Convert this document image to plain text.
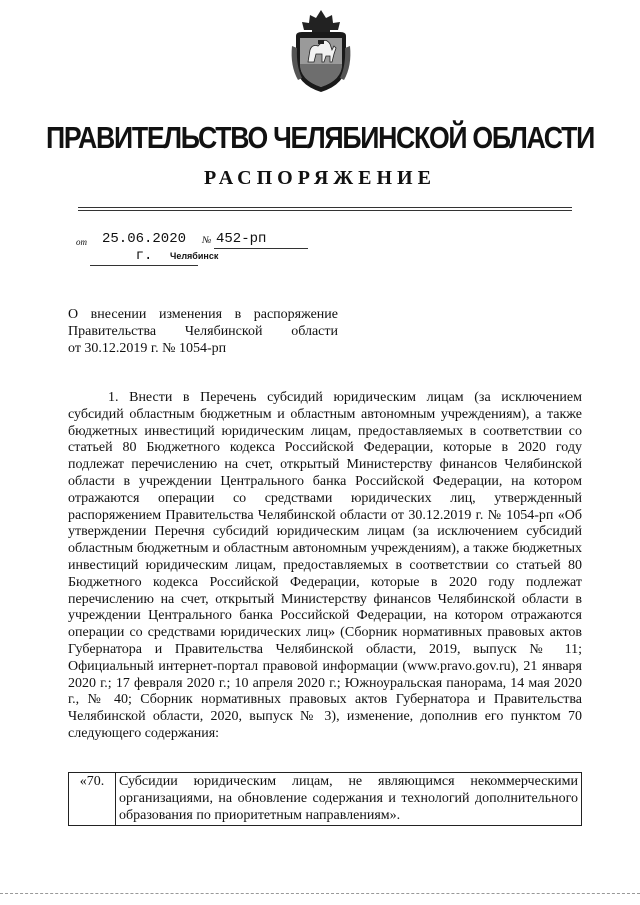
ПРАВИТЕЛЬСТВО ЧЕЛЯБИНСКОЙ ОБЛАСТИ
РАСПОРЯЖЕНИЕ
от	25.06.2020 г.
№ 452-рп
Челябинск
О внесении изменения в распоряжение
Правительства Челябинской области
от 30.12.2019 г. № 1054-рп

1. Внести в Перечень субсидий юридическим лицам (за исключением субсидий областным бюджетным и областным автономным учреждениям), а также бюджетных инвестиций юридическим лицам, предоставляемых в соответствии со статьей 80 Бюджетного кодекса Российской Федерации, которые в 2020 году подлежат перечислению на счет, открытый Министерству финансов Челябинской области в учреждении Центрального банка Российской Федерации, на котором отражаются операции со средствами юридических лиц, утвержденный распоряжением Правительства Челябинской области от 30.12.2019 г. № 1054-рп «Об утверждении Перечня субсидий юридическим лицам (за исключением субсидий областным бюджетным и областным автономным учреждениям), а также бюджетных инвестиций юридическим лицам, предоставляемых в соответствии со статьей 80 Бюджетного кодекса Российской Федерации, которые в 2020 году подлежат перечислению на счет, открытый Министерству финансов Челябинской области в учреждении Центрального банка Российской Федерации, на котором отражаются операции со средствами юридических лиц» (Сборник нормативных правовых актов Губернатора и Правительства Челябинской области, 2019, выпуск № 11; Официальный интернет-портал правовой информации (www.pravo.gov.ru), 21 января 2020 г.; 17 февраля 2020 г.; 10 апреля 2020 г.; Южноуральская панорама, 14 мая 2020 г., № 40; Сборник нормативных правовых актов Губернатора и Правительства Челябинской области, 2020, выпуск № 3), изменение, дополнив его пунктом 70 следующего содержания:

«70.	Субсидии юридическим лицам, не являющимся некоммерческими организациями, на обновление содержания и технологий дополнительного образования по приоритетным направлениям».
